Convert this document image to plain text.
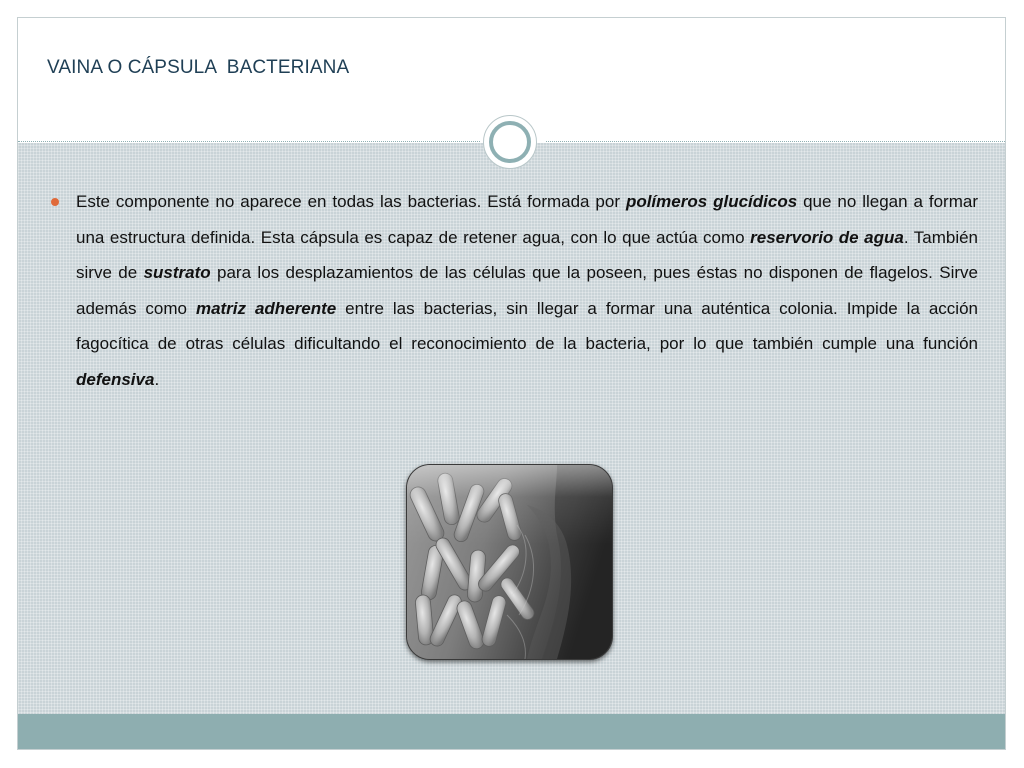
VAINA O CÁPSULA  BACTERIANA
Este componente no aparece en todas las bacterias. Está formada por polímeros glucídicos que no llegan a formar una estructura definida. Esta cápsula es capaz de retener agua, con lo que actúa como reservorio de agua. También sirve de sustrato para los desplazamientos de las células que la poseen, pues éstas no disponen de flagelos. Sirve además como matriz adherente entre las bacterias, sin llegar a formar una auténtica colonia. Impide la acción fagocítica de otras células dificultando el reconocimiento de la bacteria, por lo que también cumple una función defensiva.
